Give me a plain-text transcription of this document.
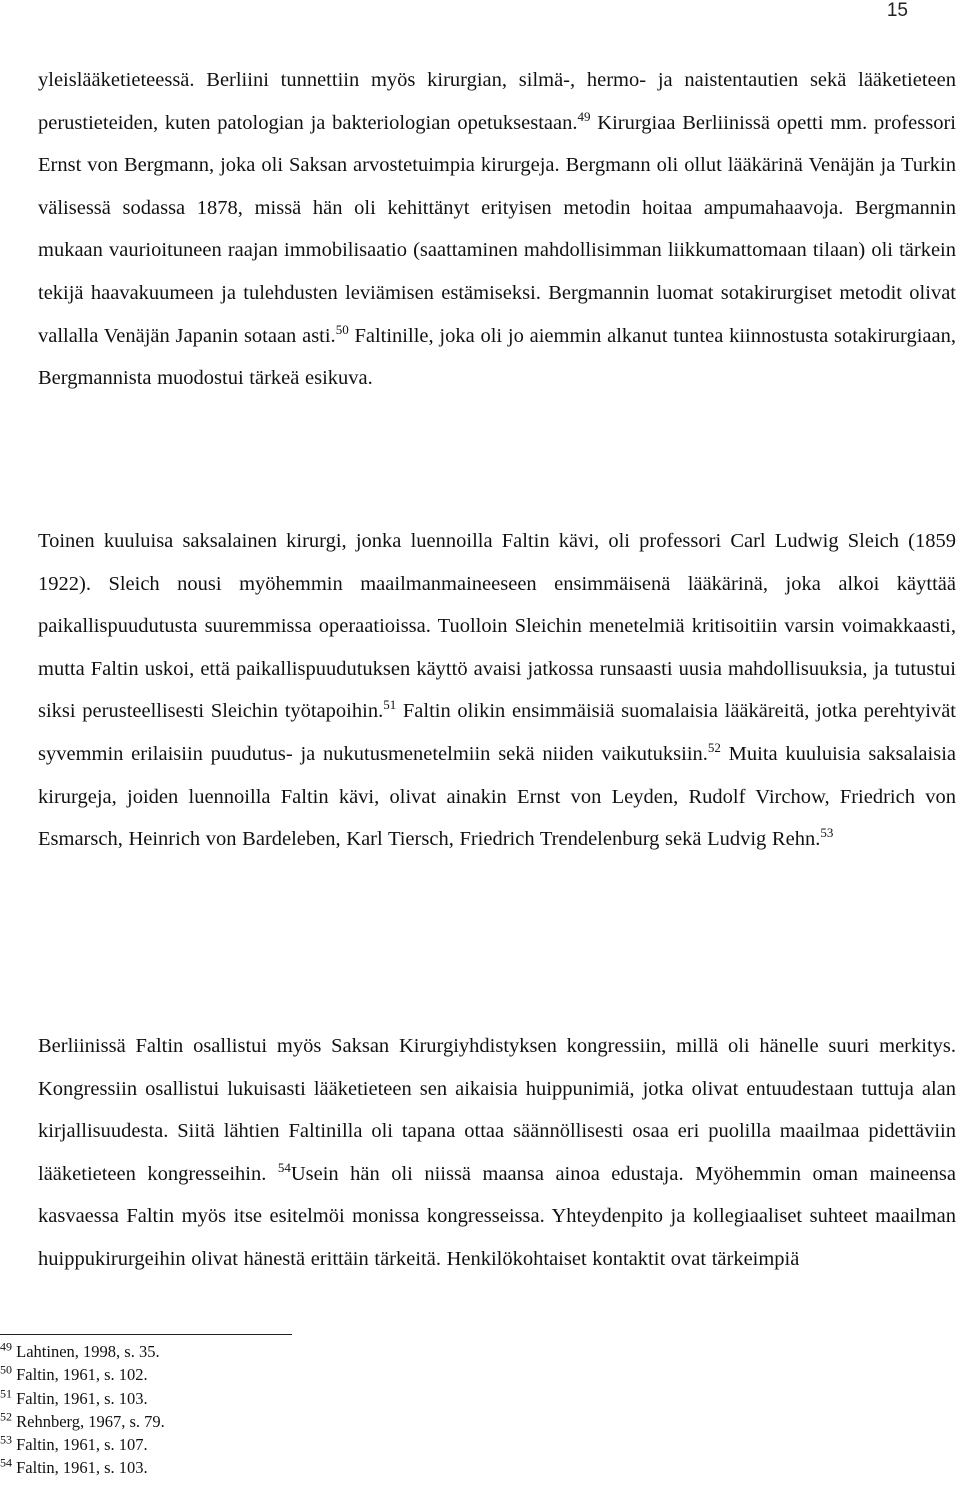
15

yleislääketieteessä. Berliini tunnettiin myös kirurgian, silmä-, hermo- ja naistentautien sekä lääketieteen perustieteiden, kuten patologian ja bakteriologian opetuksestaan.$^{49}$ Kirurgiaa Berliinissä opetti mm. professori Ernst von Bergmann, joka oli Saksan arvostetuimpia kirurgeja. Bergmann oli ollut lääkärinä Venäjän ja Turkin välisessä sodassa 1878, missä hän oli kehittänyt erityisen metodin hoitaa ampumahaavoja. Bergmannin mukaan vaurioituneen raajan immobilisaatio (saattaminen mahdollisimman liikkumattomaan tilaan) oli tärkein tekijä haavakuumeen ja tulehdusten leviämisen estämiseksi. Bergmannin luomat sotakirurgiset metodit olivat vallalla Venäjän Japanin sotaan asti.$^{50}$ Faltinille, joka oli jo aiemmin alkanut tuntea kiinnostusta sotakirurgiaan, Bergmannista muodostui tärkeä esikuva.

Toinen kuuluisa saksalainen kirurgi, jonka luennoilla Faltin kävi, oli professori Carl Ludwig Sleich (1859 1922). Sleich nousi myöhemmin maailmanmaineeseen ensimmäisenä lääkärinä, joka alkoi käyttää paikallispuudutusta suuremmissa operaatioissa. Tuolloin Sleichin menetelmiä kritisoitiin varsin voimakkaasti, mutta Faltin uskoi, että paikallispuudutuksen käyttö avaisi jatkossa runsaasti uusia mahdollisuuksia, ja tutustui siksi perusteellisesti Sleichin työtapoihin.$^{51}$ Faltin olikin ensimmäisiä suomalaisia lääkäreitä, jotka perehtyivät syvemmin erilaisiin puudutus- ja nukutusmenetelmiin sekä niiden vaikutuksiin.$^{52}$ Muita kuuluisia saksalaisia kirurgeja, joiden luennoilla Faltin kävi, olivat ainakin Ernst von Leyden, Rudolf Virchow, Friedrich von Esmarsch, Heinrich von Bardeleben, Karl Tiersch, Friedrich Trendelenburg sekä Ludvig Rehn.$^{53}$

Berliinissä Faltin osallistui myös Saksan Kirurgiyhdistyksen kongressiin, millä oli hänelle suuri merkitys. Kongressiin osallistui lukuisasti lääketieteen sen aikaisia huippunimiä, jotka olivat entuudestaan tuttuja alan kirjallisuudesta. Siitä lähtien Faltinilla oli tapana ottaa säännöllisesti osaa eri puolilla maailmaa pidettäviin lääketieteen kongresseihin. $^{54}$Usein hän oli niissä maansa ainoa edustaja. Myöhemmin oman maineensa kasvaessa Faltin myös itse esitelmöi monissa kongresseissa. Yhteydenpito ja kollegiaaliset suhteet maailman huippukirurgeihin olivat hänestä erittäin tärkeitä. Henkilökohtaiset kontaktit ovat tärkeimpiä

$^{49}$ Lahtinen, 1998, s. 35.
$^{50}$ Faltin, 1961, s. 102.
$^{51}$ Faltin, 1961, s. 103.
$^{52}$ Rehnberg, 1967, s. 79.
$^{53}$ Faltin, 1961, s. 107.
$^{54}$ Faltin, 1961, s. 103.
